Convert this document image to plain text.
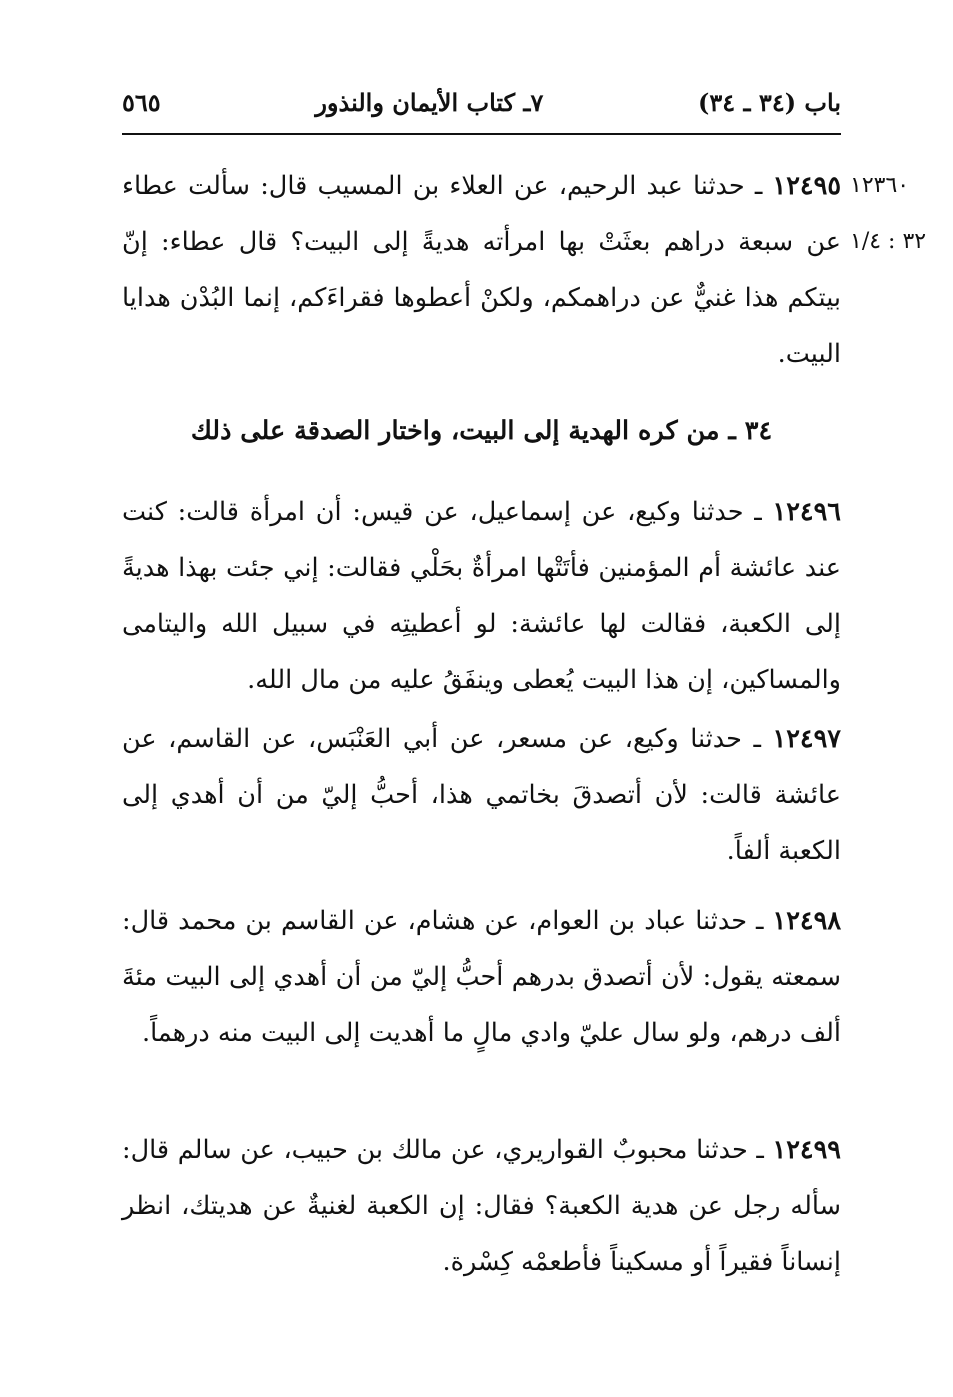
باب (٣٤ ـ ٣٤)
٧ـ كتاب الأيمان والنذور
٥٦٥
١٢٣٦٠
٣٢ : ١/٤
١٢٤٩٥ ـ حدثنا عبد الرحيم، عن العلاء بن المسيب قال: سألت عطاء عن سبعة دراهم بعثَتْ بها امرأته هديةً إلى البيت؟ قال عطاء: إنّ بيتكم هذا غنيٌّ عن دراهمكم، ولكنْ أعطوها فقراءَكم، إنما البُدْن هدايا البيت.
٣٤ ـ من كره الهدية إلى البيت، واختار الصدقة على ذلك
١٢٤٩٦ ـ حدثنا وكيع، عن إسماعيل، عن قيس: أن امرأة قالت: كنت عند عائشة أم المؤمنين فأتَتْها امرأةٌ بحَلْي فقالت: إني جئت بهذا هديةً إلى الكعبة، فقالت لها عائشة: لو أعطيتِه في سبيل الله واليتامى والمساكين، إن هذا البيت يُعطى وينفَقُ عليه من مال الله.
١٢٤٩٧ ـ حدثنا وكيع، عن مسعر، عن أبي العَنْبَس، عن القاسم، عن عائشة قالت: لأن أتصدقَ بخاتمي هذا، أحبُّ إليّ من أن أهدي إلى الكعبة ألفاً.
١٢٤٩٨ ـ حدثنا عباد بن العوام، عن هشام، عن القاسم بن محمد قال: سمعته يقول: لأن أتصدق بدرهم أحبُّ إليّ من أن أهدي إلى البيت مئةَ ألف درهم، ولو سال عليّ وادي مالٍ ما أهديت إلى البيت منه درهماً.
١٢٤٩٩ ـ حدثنا محبوبٌ القواريري، عن مالك بن حبيب، عن سالم قال: سأله رجل عن هدية الكعبة؟ فقال: إن الكعبة لغنيةٌ عن هديتك، انظر إنساناً فقيراً أو مسكيناً فأطعمْه كِسْرة.
